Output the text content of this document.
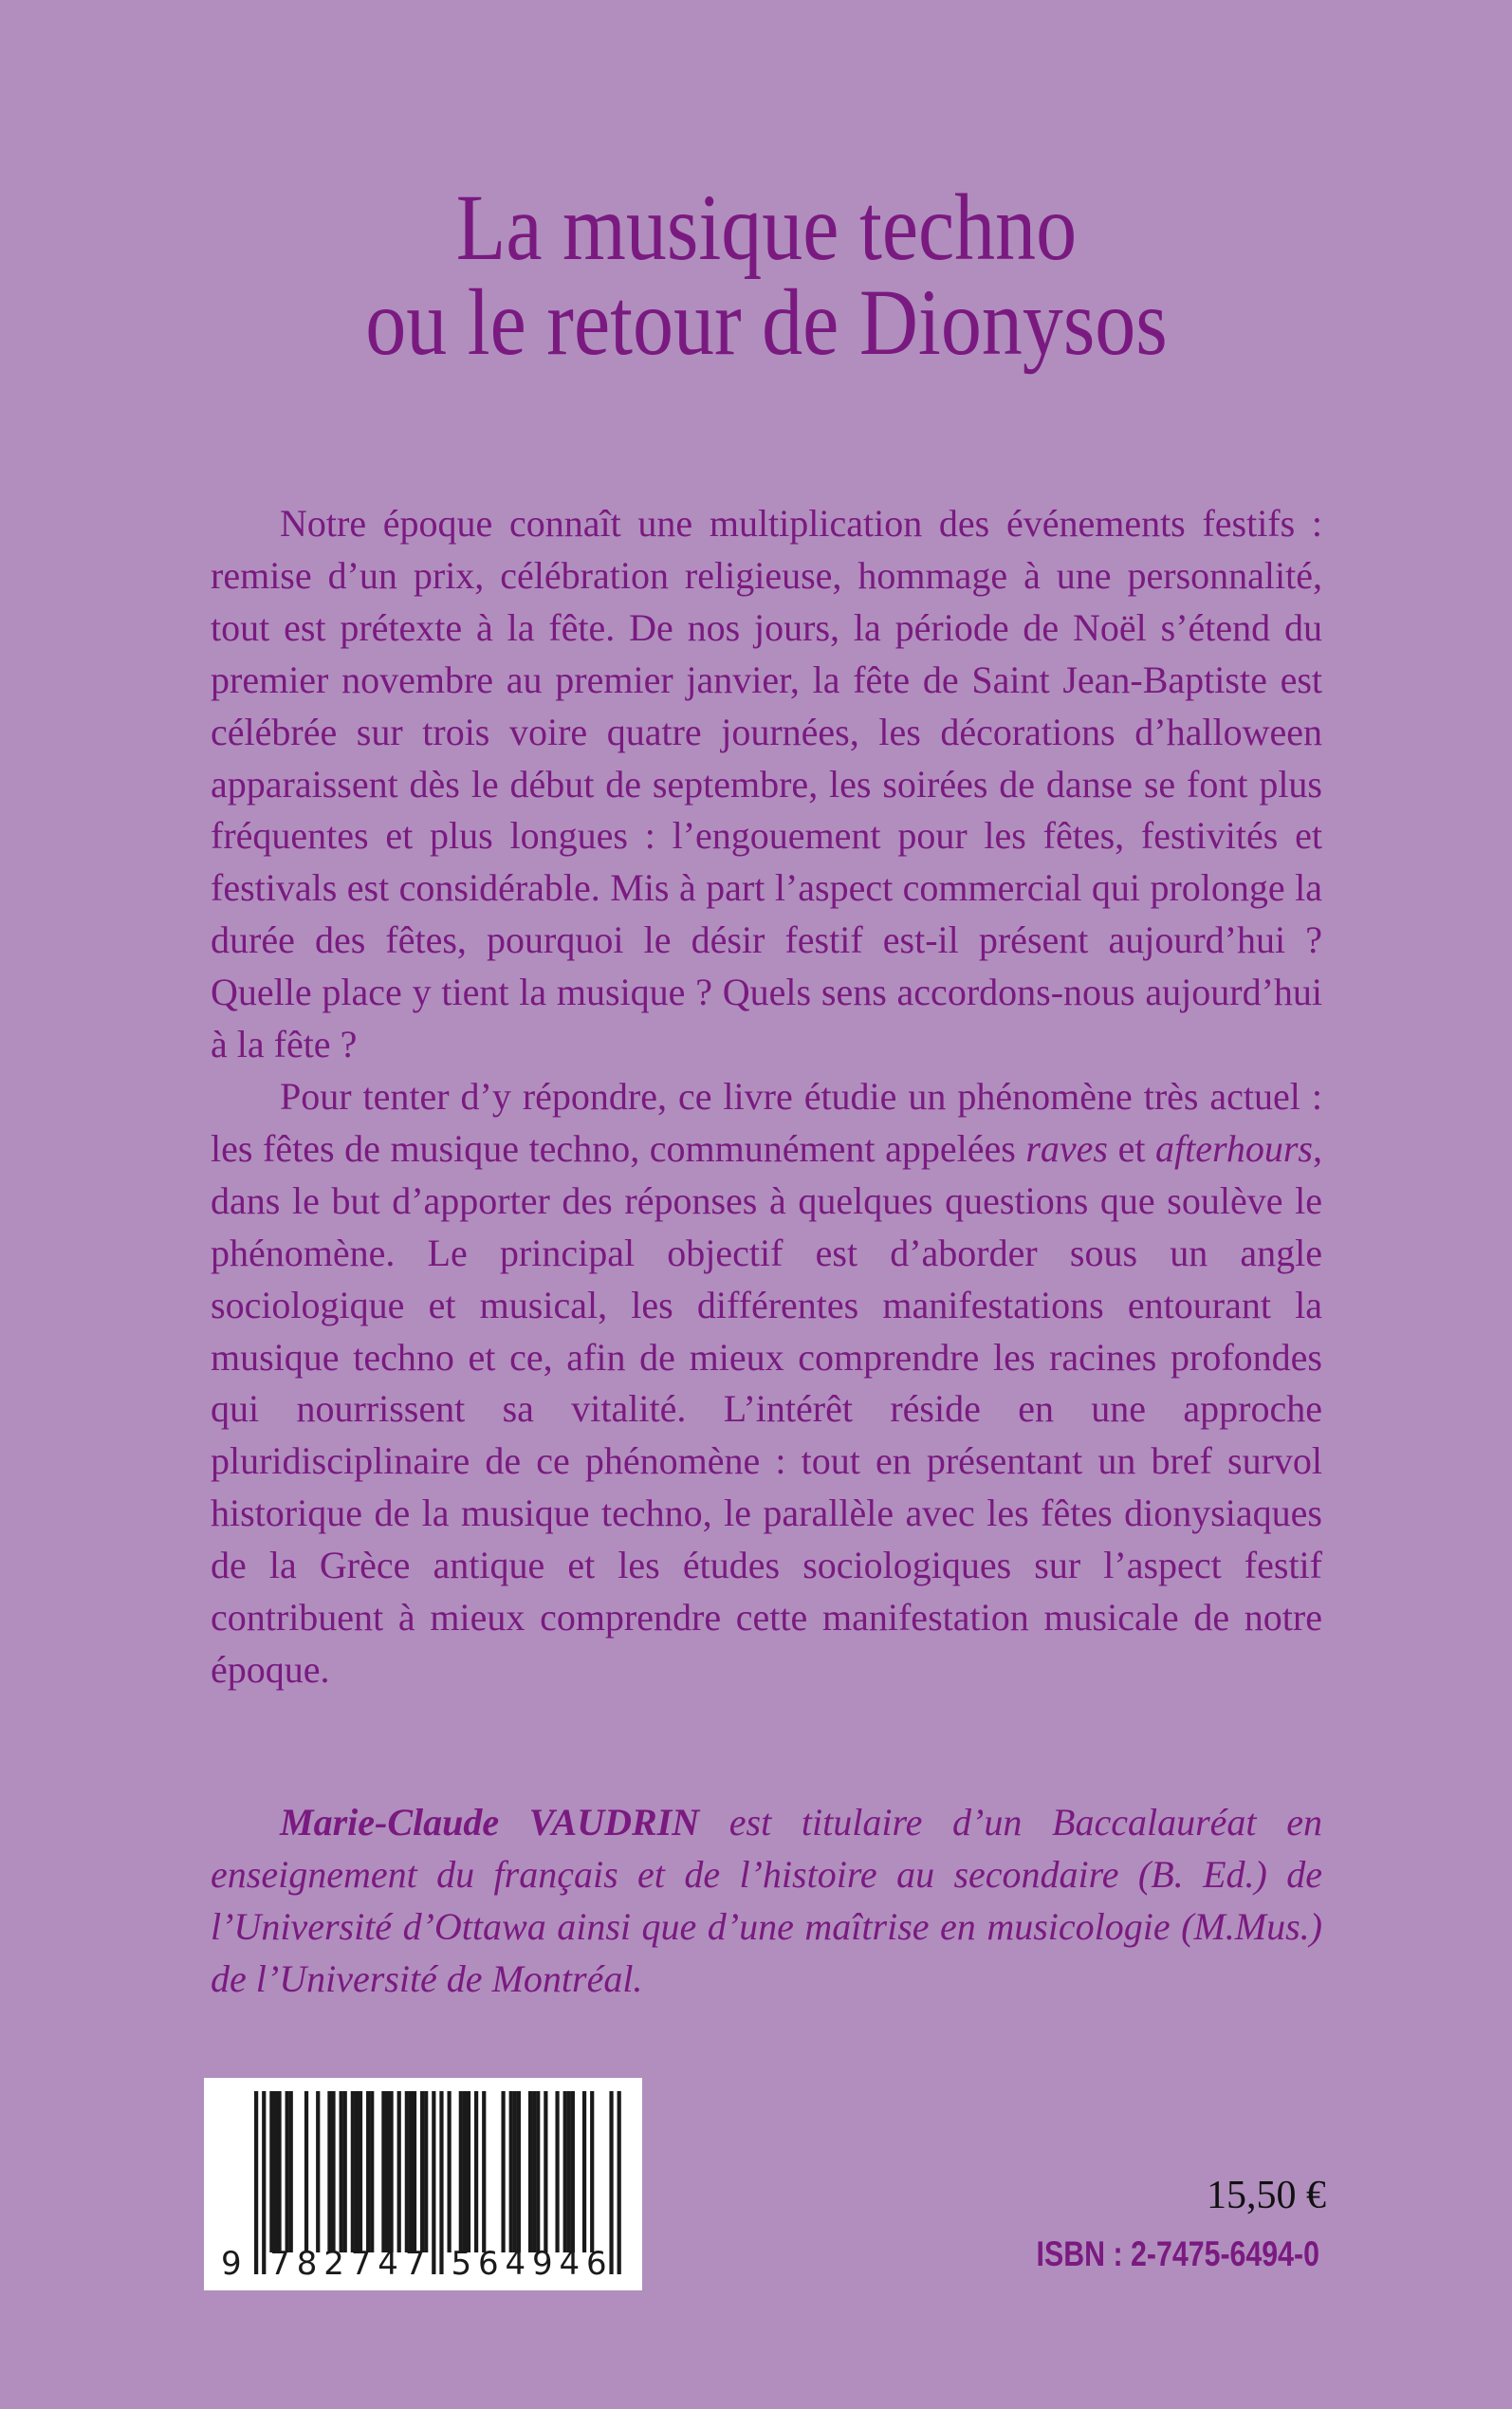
La musique techno
ou le retour de Dionysos

Notre époque connaît une multiplication des événements festifs : remise d’un prix, célébration religieuse, hommage à une personnalité, tout est prétexte à la fête. De nos jours, la période de Noël s’étend du premier novembre au premier janvier, la fête de Saint Jean-Baptiste est célébrée sur trois voire quatre journées, les décorations d’halloween apparaissent dès le début de septembre, les soirées de danse se font plus fréquentes et plus longues : l’engouement pour les fêtes, festivités et festivals est considérable. Mis à part l’aspect commercial qui prolonge la durée des fêtes, pourquoi le désir festif est-il présent aujourd’hui ? Quelle place y tient la musique ? Quels sens accordons-nous aujourd’hui à la fête ?

Pour tenter d’y répondre, ce livre étudie un phénomène très actuel : les fêtes de musique techno, communément appelées raves et afterhours, dans le but d’apporter des réponses à quelques questions que soulève le phénomène. Le principal objectif est d’aborder sous un angle sociologique et musical, les différentes manifestations entourant la musique techno et ce, afin de mieux comprendre les racines profondes qui nourrissent sa vitalité. L’intérêt réside en une approche pluridisciplinaire de ce phénomène : tout en présentant un bref survol historique de la musique techno, le parallèle avec les fêtes dionysiaques de la Grèce antique et les études sociologiques sur l’aspect festif contribuent à mieux comprendre cette manifestation musicale de notre époque.

Marie-Claude VAUDRIN est titulaire d’un Baccalauréat en enseignement du français et de l’histoire au secondaire (B. Ed.) de l’Université d’Ottawa ainsi que d’une maîtrise en musicologie (M.Mus.) de l’Université de Montréal.

9 7	5
8	6
2	4
7	9
4	4
7	6
15,50 €
ISBN : 2-7475-6494-0
